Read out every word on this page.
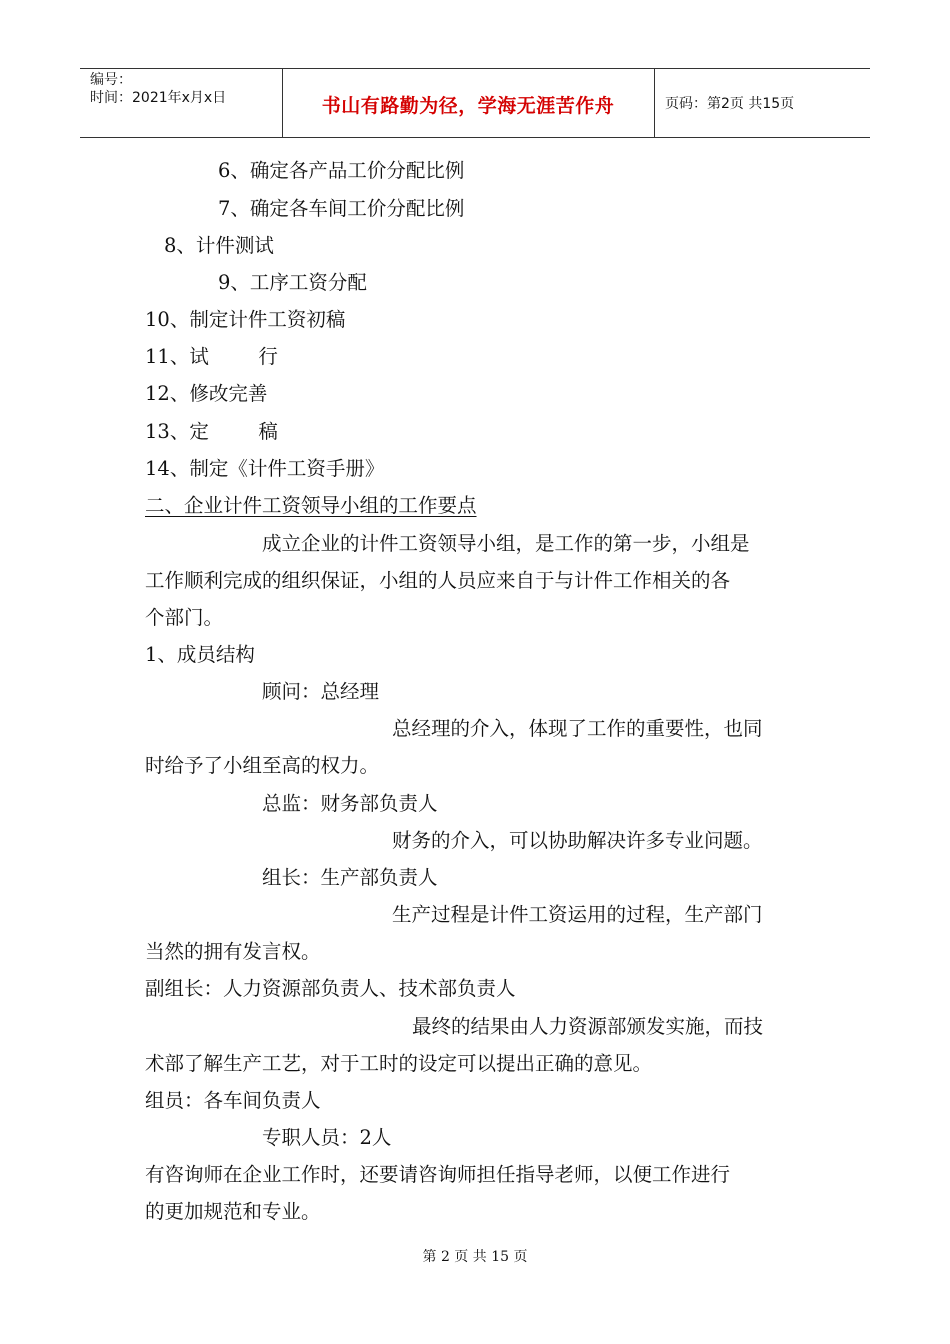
编号：
时间：2021年x月x日	书山有路勤为径，学海无涯苦作舟	页码：第2页 共15页
6、确定各产品工价分配比例
7、确定各车间工价分配比例
8、计件测试
9、工序工资分配
10、制定计件工资初稿
11、试        行
12、修改完善
13、定        稿
14、制定《计件工资手册》
二、企业计件工资领导小组的工作要点
成立企业的计件工资领导小组，是工作的第一步，小组是
工作顺利完成的组织保证，小组的人员应来自于与计件工作相关的各
个部门。
1、成员结构
顾问：总经理
总经理的介入，体现了工作的重要性，也同
时给予了小组至高的权力。
总监：财务部负责人
财务的介入，可以协助解决许多专业问题。
组长：生产部负责人
生产过程是计件工资运用的过程，生产部门
当然的拥有发言权。
副组长：人力资源部负责人、技术部负责人
最终的结果由人力资源部颁发实施，而技
术部了解生产工艺，对于工时的设定可以提出正确的意见。
组员：各车间负责人
专职人员：2人
有咨询师在企业工作时，还要请咨询师担任指导老师，以便工作进行
的更加规范和专业。
第 2 页 共 15 页
